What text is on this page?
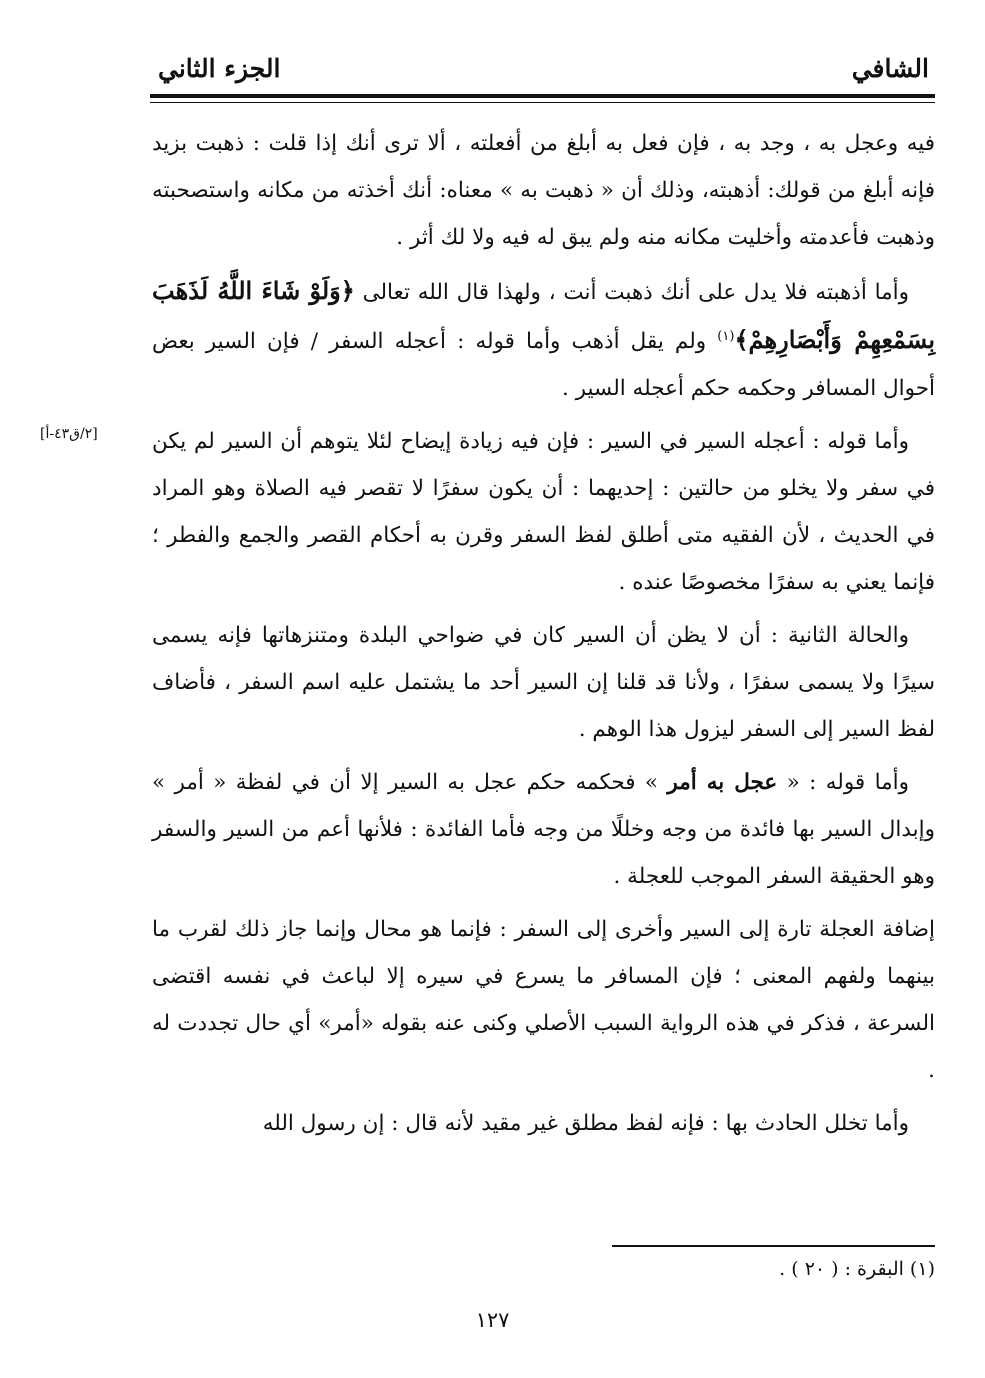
الشافي
الجزء الثاني
[٢/ق٤٣-أ]

فيه وعجل به ، وجد به ، فإن فعل به أبلغ من أفعلته ، ألا ترى أنك إذا قلت : ذهبت بزيد فإنه أبلغ من قولك: أذهبته، وذلك أن « ذهبت به » معناه: أنك أخذته من مكانه واستصحبته وذهبت فأعدمته وأخليت مكانه منه ولم يبق له فيه ولا لك أثر .

وأما أذهبته فلا يدل على أنك ذهبت أنت ، ولهذا قال الله تعالى ﴿وَلَوْ شَاءَ اللَّهُ لَذَهَبَ بِسَمْعِهِمْ وَأَبْصَارِهِمْ﴾$^{(١)}$ ولم يقل أذهب وأما قوله : أعجله السفر / فإن السير بعض أحوال المسافر وحكمه حكم أعجله السير .

وأما قوله : أعجله السير في السير : فإن فيه زيادة إيضاح لئلا يتوهم أن السير لم يكن في سفر ولا يخلو من حالتين : إحديهما : أن يكون سفرًا لا تقصر فيه الصلاة وهو المراد في الحديث ، لأن الفقيه متى أطلق لفظ السفر وقرن به أحكام القصر والجمع والفطر ؛ فإنما يعني به سفرًا مخصوصًا عنده .

والحالة الثانية : أن لا يظن أن السير كان في ضواحي البلدة ومتنزهاتها فإنه يسمى سيرًا ولا يسمى سفرًا ، ولأنا قد قلنا إن السير أحد ما يشتمل عليه اسم السفر ، فأضاف لفظ السير إلى السفر ليزول هذا الوهم .

وأما قوله : « عجل به أمر » فحكمه حكم عجل به السير إلا أن في لفظة « أمر » وإبدال السير بها فائدة من وجه وخللًا من وجه فأما الفائدة : فلأنها أعم من السير والسفر وهو الحقيقة السفر الموجب للعجلة .

إضافة العجلة تارة إلى السير وأخرى إلى السفر : فإنما هو محال وإنما جاز ذلك لقرب ما بينهما ولفهم المعنى ؛ فإن المسافر ما يسرع في سيره إلا لباعث في نفسه اقتضى السرعة ، فذكر في هذه الرواية السبب الأصلي وكنى عنه بقوله «أمر» أي حال تجددت له .

وأما تخلل الحادث بها : فإنه لفظ مطلق غير مقيد لأنه قال : إن رسول الله

(١) البقرة : ( ٢٠ ) .
١٢٧
